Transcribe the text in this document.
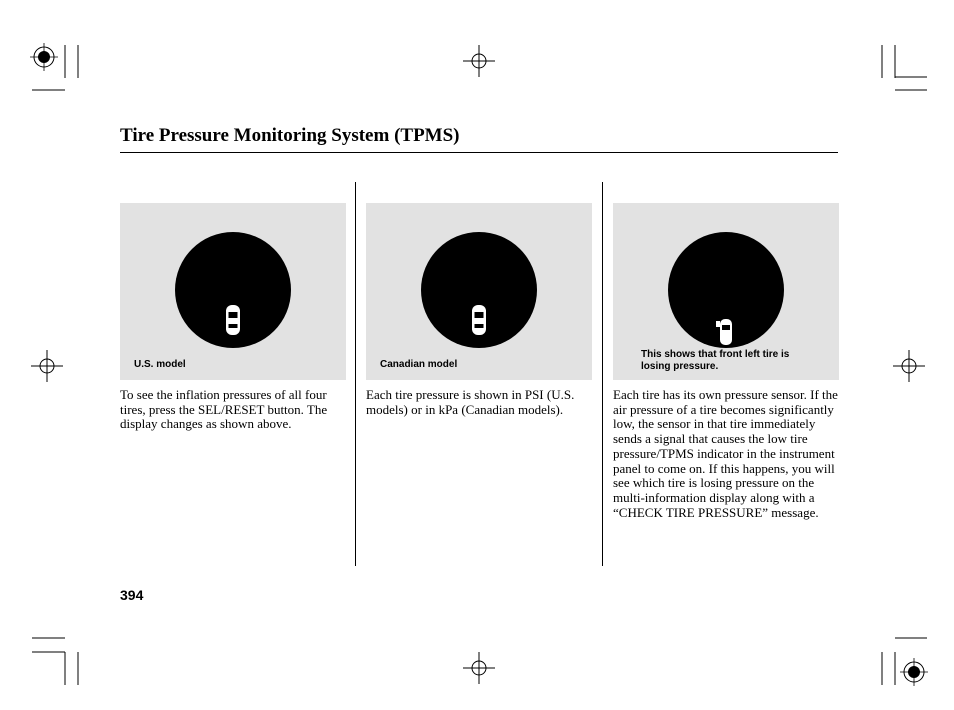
Tire Pressure Monitoring System (TPMS)
TIRE PRESSURE
33	33
33	33
PSI
U.S. model
To see the inflation pressures of all four tires, press the SEL/RESET button. The display changes as shown above.
TIRE PRESSURE
230	230
230	230
kPa
Canadian model
Each tire pressure is shown in PSI (U.S. models) or in kPa (Canadian models).
CHECK
TIRE
PRESSURE
This shows that front left tire is
losing pressure.
Each tire has its own pressure sensor. If the air pressure of a tire becomes significantly low, the sensor in that tire immediately sends a signal that causes the low tire pressure/TPMS indicator in the instrument panel to come on. If this happens, you will see which tire is losing pressure on the multi-information display along with a “CHECK TIRE PRESSURE” message.
394
